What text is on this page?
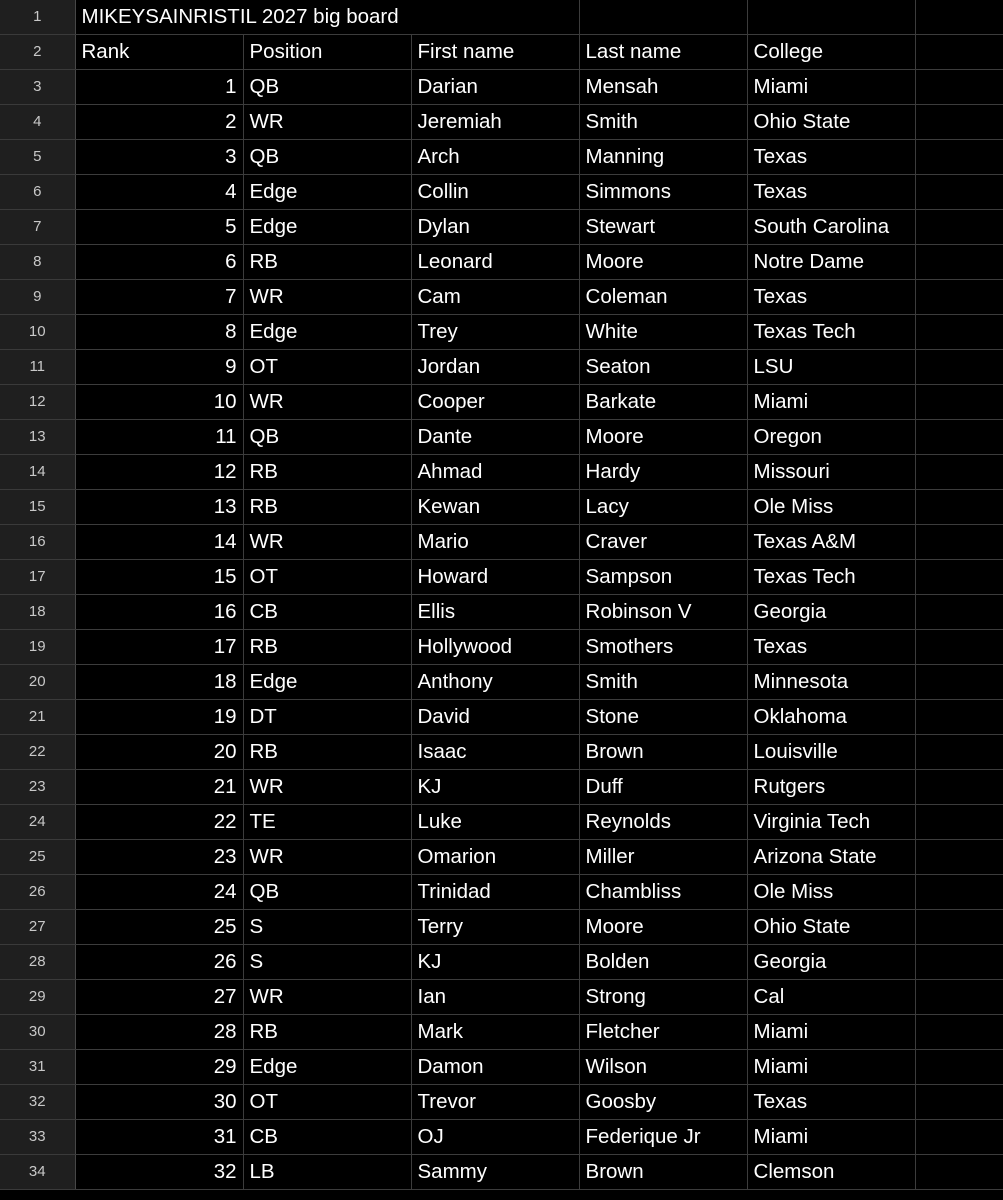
1	MIKEYSAINRISTIL 2027 big board					
2	Rank	Position	First name	Last name	College	
3	1	QB	Darian	Mensah	Miami	
4	2	WR	Jeremiah	Smith	Ohio State	
5	3	QB	Arch	Manning	Texas	
6	4	Edge	Collin	Simmons	Texas	
7	5	Edge	Dylan	Stewart	South Carolina	
8	6	RB	Leonard	Moore	Notre Dame	
9	7	WR	Cam	Coleman	Texas	
10	8	Edge	Trey	White	Texas Tech	
11	9	OT	Jordan	Seaton	LSU	
12	10	WR	Cooper	Barkate	Miami	
13	11	QB	Dante	Moore	Oregon	
14	12	RB	Ahmad	Hardy	Missouri	
15	13	RB	Kewan	Lacy	Ole Miss	
16	14	WR	Mario	Craver	Texas A&M	
17	15	OT	Howard	Sampson	Texas Tech	
18	16	CB	Ellis	Robinson V	Georgia	
19	17	RB	Hollywood	Smothers	Texas	
20	18	Edge	Anthony	Smith	Minnesota	
21	19	DT	David	Stone	Oklahoma	
22	20	RB	Isaac	Brown	Louisville	
23	21	WR	KJ	Duff	Rutgers	
24	22	TE	Luke	Reynolds	Virginia Tech	
25	23	WR	Omarion	Miller	Arizona State	
26	24	QB	Trinidad	Chambliss	Ole Miss	
27	25	S	Terry	Moore	Ohio State	
28	26	S	KJ	Bolden	Georgia	
29	27	WR	Ian	Strong	Cal	
30	28	RB	Mark	Fletcher	Miami	
31	29	Edge	Damon	Wilson	Miami	
32	30	OT	Trevor	Goosby	Texas	
33	31	CB	OJ	Federique Jr	Miami	
34	32	LB	Sammy	Brown	Clemson	
